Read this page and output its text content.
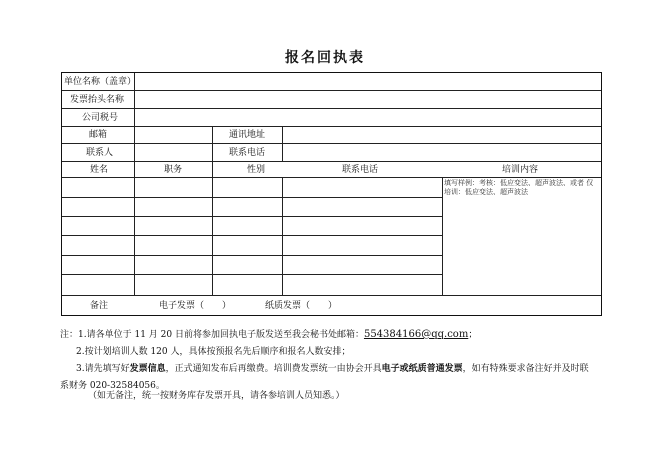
报名回执表
单位名称（盖章）
发票抬头名称
公司税号
邮箱	通讯地址
联系人	联系电话
姓名	职务	性别	联系电话	培训内容
填写样例：考核：低应变法、超声波法、或者 仅培训：低应变法、超声波法
备注	电子发票（　　）	纸质发票（　　）

注：1.请各单位于 11 月 20 日前将参加回执电子版发送至我会秘书处邮箱：554384166@qq.com；

2.按计划培训人数 120 人，具体按预报名先后顺序和报名人数安排；

3.请先填写好发票信息，正式通知发布后再缴费。培训费发票统一由协会开具电子或纸质普通发票，如有特殊要求备注好并及时联

系财务 020-32584056。

（如无备注，统一按财务库存发票开具，请各参培训人员知悉。）
